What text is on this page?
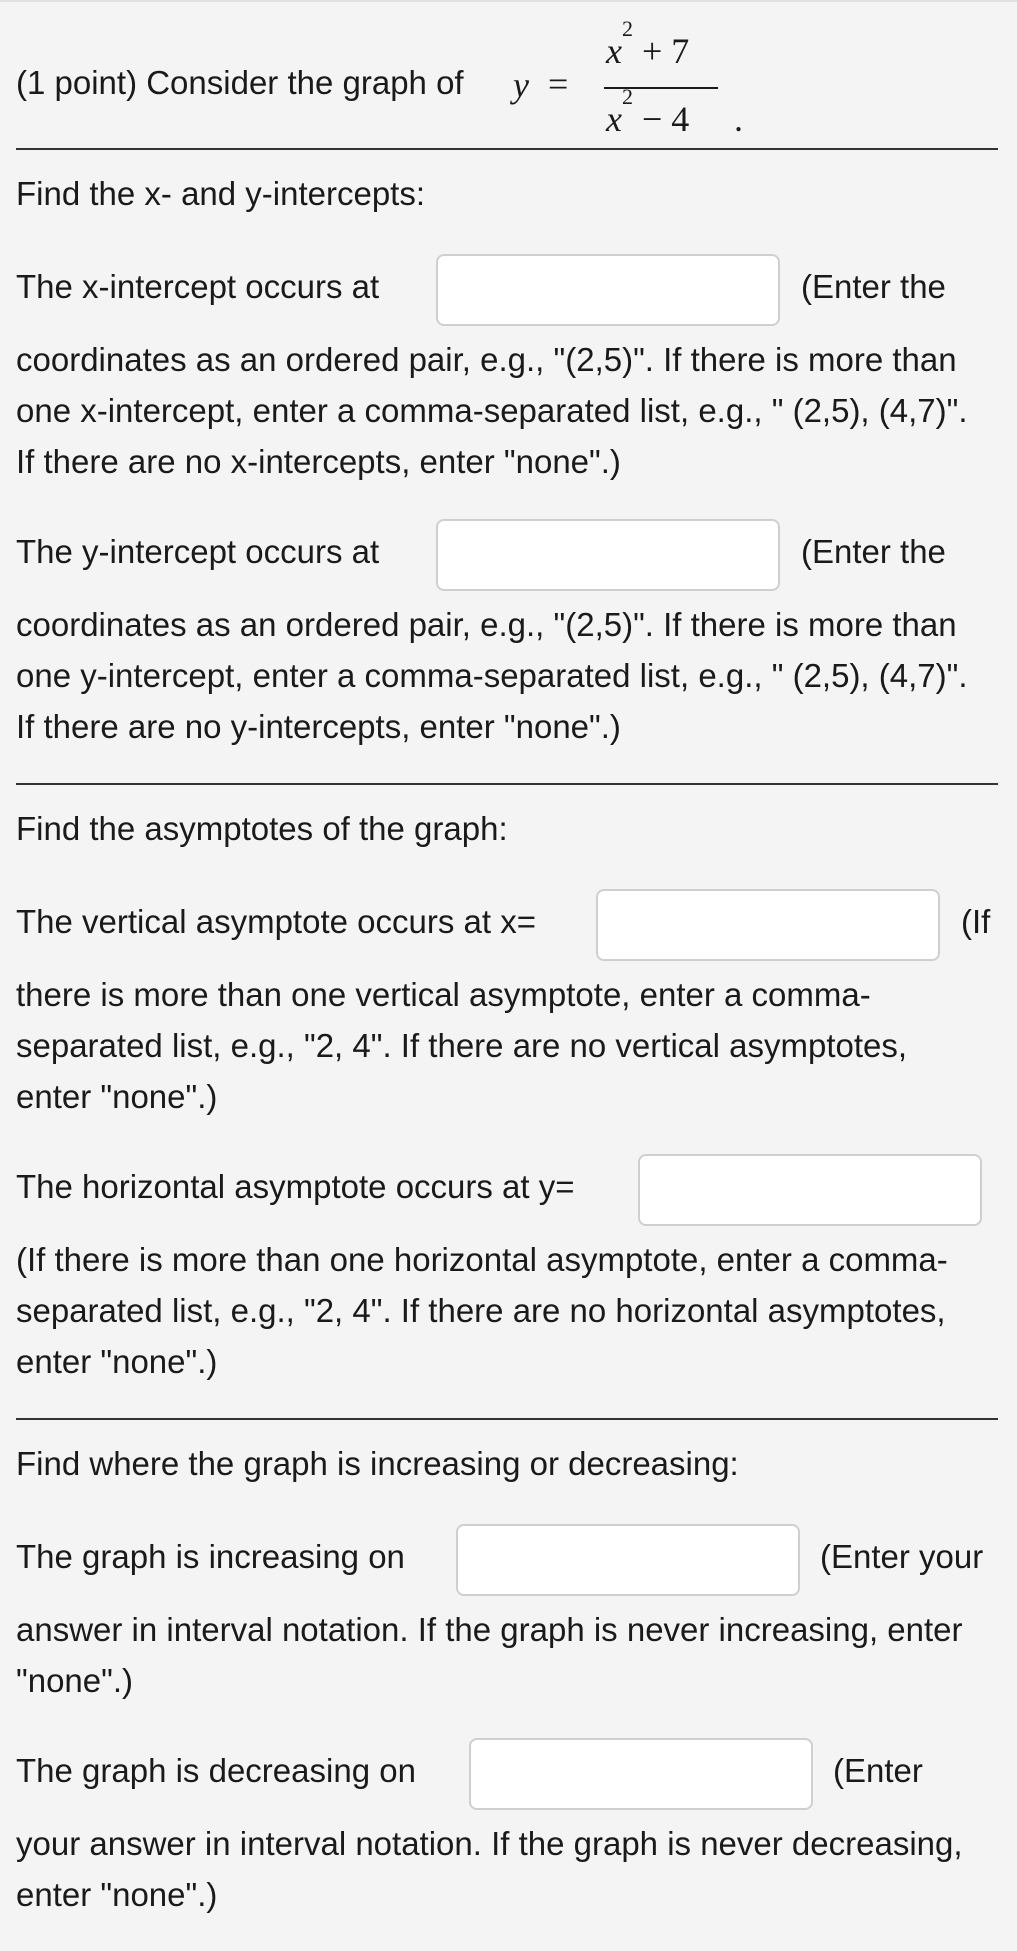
(1 point) Consider the graph of y =
$x^2 + 7$
$x^2 - 4$ .
Find the x- and y-intercepts:
The x-intercept occurs at	(Enter the
coordinates as an ordered pair, e.g., "(2,5)". If there is more than one x-intercept, enter a comma-separated list, e.g., " (2,5), (4,7)". If there are no x-intercepts, enter "none".)
The y-intercept occurs at	(Enter the
coordinates as an ordered pair, e.g., "(2,5)". If there is more than one y-intercept, enter a comma-separated list, e.g., " (2,5), (4,7)". If there are no y-intercepts, enter "none".)
Find the asymptotes of the graph:
The vertical asymptote occurs at x=	(If
there is more than one vertical asymptote, enter a comma-separated list, e.g., "2, 4". If there are no vertical asymptotes, enter "none".)
The horizontal asymptote occurs at y=
(If there is more than one horizontal asymptote, enter a comma-separated list, e.g., "2, 4". If there are no horizontal asymptotes, enter "none".)
Find where the graph is increasing or decreasing:
The graph is increasing on	(Enter your
answer in interval notation. If the graph is never increasing, enter "none".)
The graph is decreasing on	(Enter
your answer in interval notation. If the graph is never decreasing, enter "none".)
